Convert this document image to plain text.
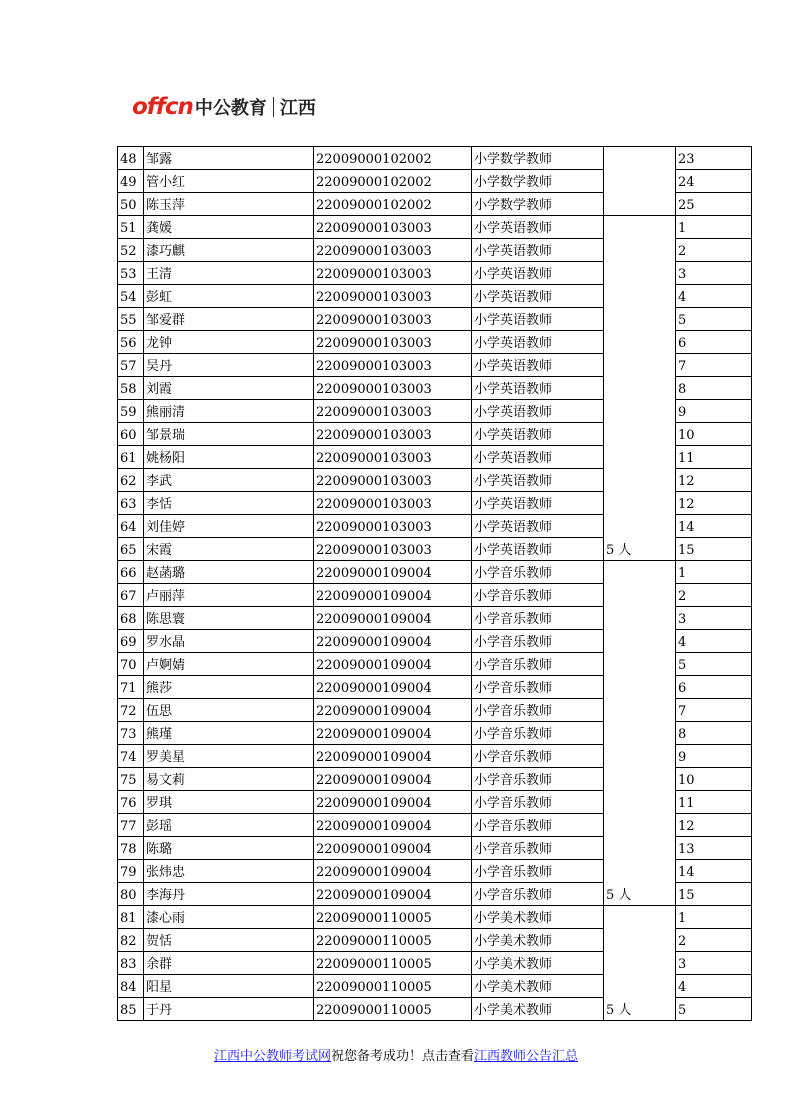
offcn 中公教育 江西
48	邹露	22009000102002	小学数学教师		23
49	管小红	22009000102002	小学数学教师		24
50	陈玉萍	22009000102002	小学数学教师		25
51	龚媛	22009000103003	小学英语教师	5 人	1
52	漆巧麒	22009000103003	小学英语教师		2
53	王清	22009000103003	小学英语教师		3
54	彭虹	22009000103003	小学英语教师		4
55	邹爱群	22009000103003	小学英语教师		5
56	龙钟	22009000103003	小学英语教师		6
57	吴丹	22009000103003	小学英语教师		7
58	刘霞	22009000103003	小学英语教师		8
59	熊丽清	22009000103003	小学英语教师		9
60	邹景瑞	22009000103003	小学英语教师		10
61	姚杨阳	22009000103003	小学英语教师		11
62	李武	22009000103003	小学英语教师		12
63	李恬	22009000103003	小学英语教师		12
64	刘佳婷	22009000103003	小学英语教师		14
65	宋霞	22009000103003	小学英语教师		15
66	赵菡璐	22009000109004	小学音乐教师	5 人	1
67	卢丽萍	22009000109004	小学音乐教师		2
68	陈思寰	22009000109004	小学音乐教师		3
69	罗水晶	22009000109004	小学音乐教师		4
70	卢婀婧	22009000109004	小学音乐教师		5
71	熊莎	22009000109004	小学音乐教师		6
72	伍思	22009000109004	小学音乐教师		7
73	熊瑾	22009000109004	小学音乐教师		8
74	罗美星	22009000109004	小学音乐教师		9
75	易文莉	22009000109004	小学音乐教师		10
76	罗琪	22009000109004	小学音乐教师		11
77	彭瑶	22009000109004	小学音乐教师		12
78	陈璐	22009000109004	小学音乐教师		13
79	张炜忠	22009000109004	小学音乐教师		14
80	李海丹	22009000109004	小学音乐教师		15
81	漆心雨	22009000110005	小学美术教师	5 人	1
82	贺恬	22009000110005	小学美术教师		2
83	余群	22009000110005	小学美术教师		3
84	阳星	22009000110005	小学美术教师		4
85	于丹	22009000110005	小学美术教师		5
江西中公教师考试网祝您备考成功！点击查看江西教师公告汇总
